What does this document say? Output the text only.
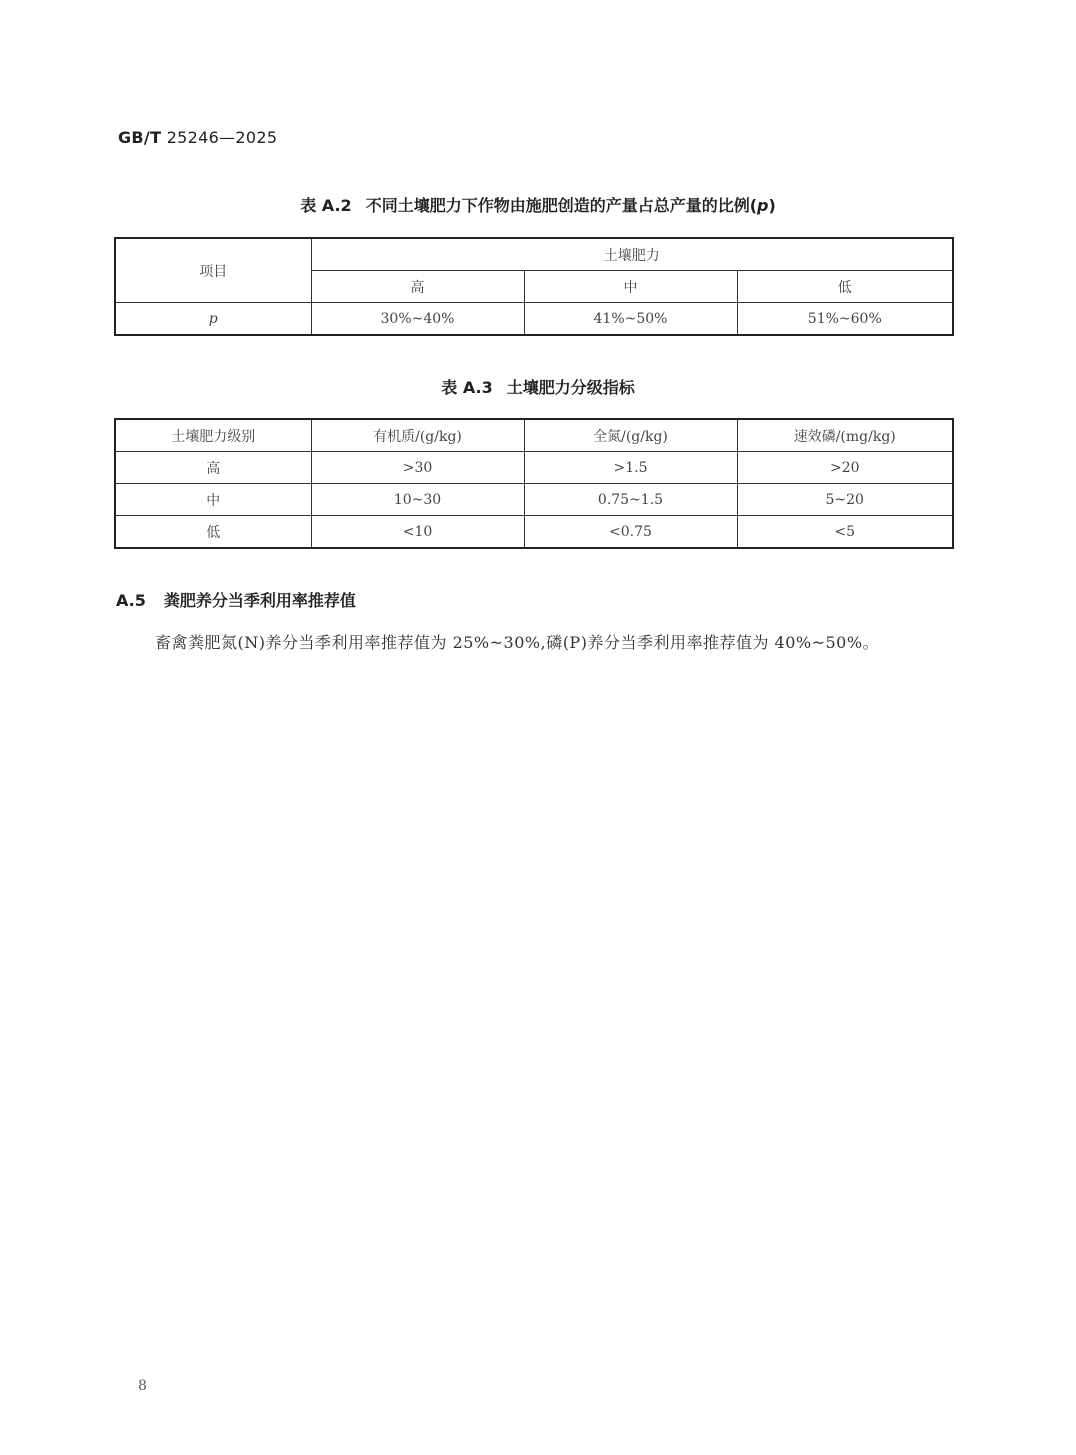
GB/T 25246—2025
表 A.2 不同土壤肥力下作物由施肥创造的产量占总产量的比例(p)
项目	土壤肥力		
	高	中	低
p	30%~40%	41%~50%	51%~60%
表 A.3 土壤肥力分级指标
土壤肥力级别	有机质/(g/kg)	全氮/(g/kg)	速效磷/(mg/kg)
高	>30	>1.5	>20
中	10~30	0.75~1.5	5~20
低	<10	<0.75	<5
A.5 粪肥养分当季利用率推荐值
畜禽粪肥氮(N)养分当季利用率推荐值为 25%~30%,磷(P)养分当季利用率推荐值为 40%~50%。
8
